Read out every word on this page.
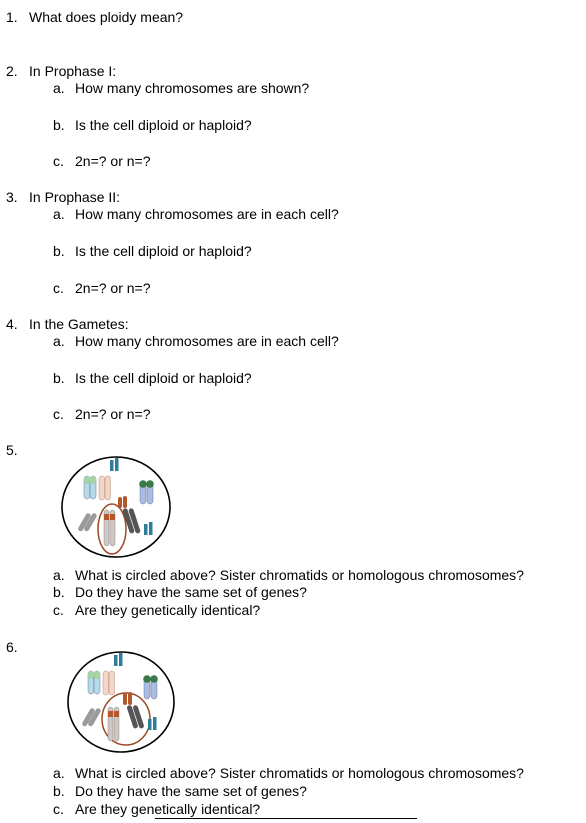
1. What does ploidy mean?
2. In Prophase I:
a. How many chromosomes are shown?
b. Is the cell diploid or haploid?
c. 2n=? or n=?
3. In Prophase II:
a. How many chromosomes are in each cell?
b. Is the cell diploid or haploid?
c. 2n=? or n=?
4. In the Gametes:
a. How many chromosomes are in each cell?
b. Is the cell diploid or haploid?
c. 2n=? or n=?
5.
a. What is circled above? Sister chromatids or homologous chromosomes?
b. Do they have the same set of genes?
c. Are they genetically identical?
6.
a. What is circled above? Sister chromatids or homologous chromosomes?
b. Do they have the same set of genes?
c. Are they genetically identical?
